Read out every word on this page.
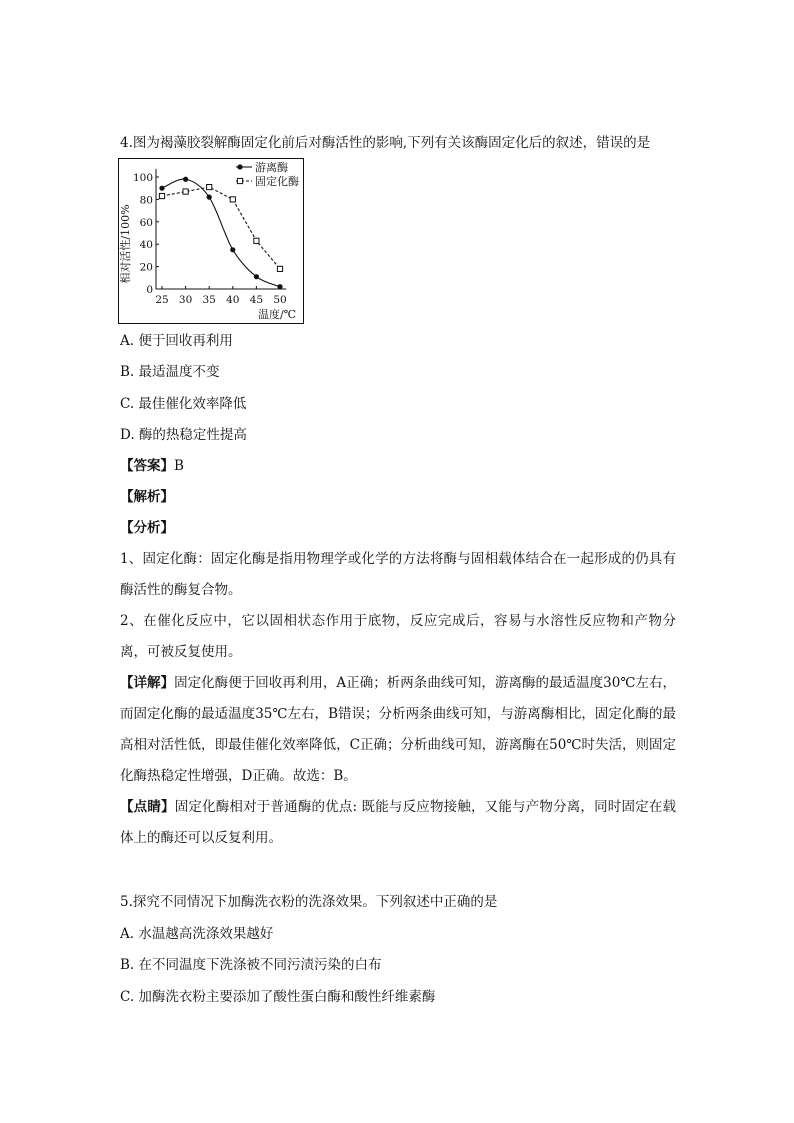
4.图为褐藻胶裂解酶固定化前后对酶活性的影响,下列有关该酶固定化后的叙述，错误的是
0
20
40
60
80
100
25 30 35 40 45 50
游离酶
固定化酶
相对活性/100%
温度/℃
A. 便于回收再利用
B. 最适温度不变
C. 最佳催化效率降低
D. 酶的热稳定性提高
【答案】B
【解析】
【分析】
1、固定化酶：固定化酶是指用物理学或化学的方法将酶与固相载体结合在一起形成的仍具有酶活性的酶复合物。
2、在催化反应中，它以固相状态作用于底物，反应完成后，容易与水溶性反应物和产物分离，可被反复使用。
【详解】固定化酶便于回收再利用，A正确；析两条曲线可知，游离酶的最适温度30℃左右，而固定化酶的最适温度35℃左右，B错误；分析两条曲线可知，与游离酶相比，固定化酶的最高相对活性低，即最佳催化效率降低，C正确；分析曲线可知，游离酶在50℃时失活，则固定化酶热稳定性增强，D正确。故选：B。
【点睛】固定化酶相对于普通酶的优点: 既能与反应物接触，又能与产物分离，同时固定在载体上的酶还可以反复利用。
5.探究不同情况下加酶洗衣粉的洗涤效果。下列叙述中正确的是
A. 水温越高洗涤效果越好
B. 在不同温度下洗涤被不同污渍污染的白布
C. 加酶洗衣粉主要添加了酸性蛋白酶和酸性纤维素酶
